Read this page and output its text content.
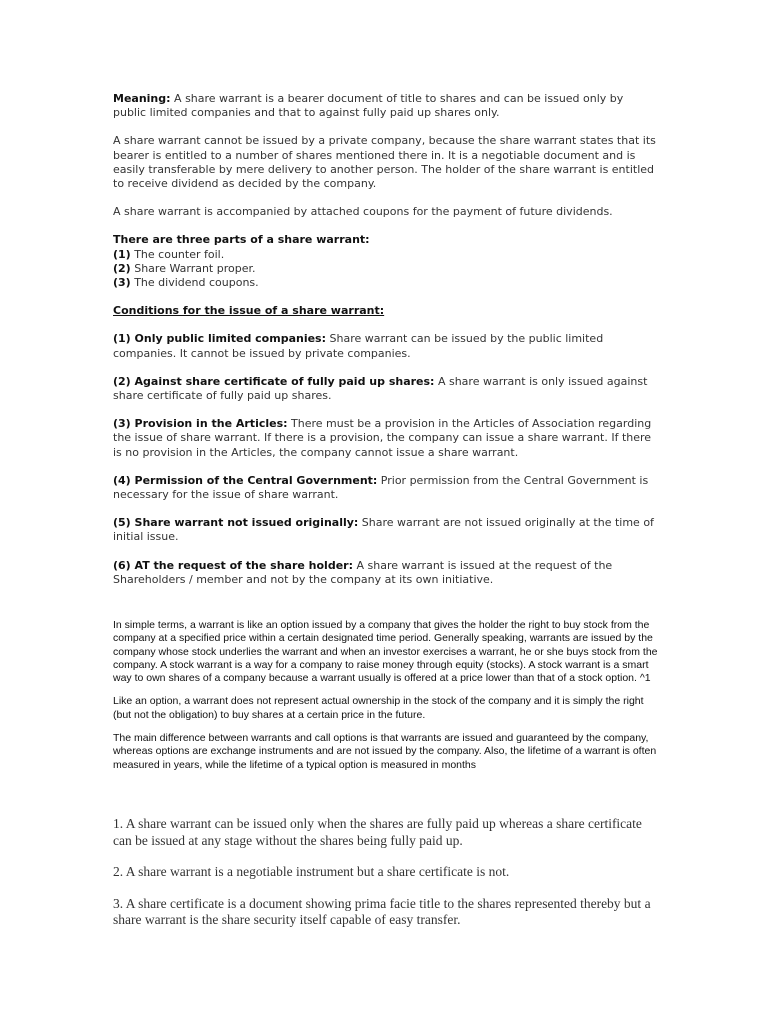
Meaning: A share warrant is a bearer document of title to shares and can be issued only by public limited companies and that to against fully paid up shares only.

A share warrant cannot be issued by a private company, because the share warrant states that its bearer is entitled to a number of shares mentioned there in. It is a negotiable document and is easily transferable by mere delivery to another person. The holder of the share warrant is entitled to receive dividend as decided by the company.

A share warrant is accompanied by attached coupons for the payment of future dividends.

There are three parts of a share warrant:
(1) The counter foil.
(2) Share Warrant proper.
(3) The dividend coupons.

Conditions for the issue of a share warrant:

(1) Only public limited companies: Share warrant can be issued by the public limited companies. It cannot be issued by private companies.

(2) Against share certificate of fully paid up shares: A share warrant is only issued against share certificate of fully paid up shares.

(3) Provision in the Articles: There must be a provision in the Articles of Association regarding the issue of share warrant. If there is a provision, the company can issue a share warrant. If there is no provision in the Articles, the company cannot issue a share warrant.

(4) Permission of the Central Government: Prior permission from the Central Government is necessary for the issue of share warrant.

(5) Share warrant not issued originally: Share warrant are not issued originally at the time of initial issue.

(6) AT the request of the share holder: A share warrant is issued at the request of the Shareholders / member and not by the company at its own initiative.

In simple terms, a warrant is like an option issued by a company that gives the holder the right to buy stock from the company at a specified price within a certain designated time period. Generally speaking, warrants are issued by the company whose stock underlies the warrant and when an investor exercises a warrant, he or she buys stock from the company. A stock warrant is a way for a company to raise money through equity (stocks). A stock warrant is a smart way to own shares of a company because a warrant usually is offered at a price lower than that of a stock option. ^1

Like an option, a warrant does not represent actual ownership in the stock of the company and it is simply the right (but not the obligation) to buy shares at a certain price in the future.

The main difference between warrants and call options is that warrants are issued and guaranteed by the company, whereas options are exchange instruments and are not issued by the company. Also, the lifetime of a warrant is often measured in years, while the lifetime of a typical option is measured in months

1. A share warrant can be issued only when the shares are fully paid up whereas a share certificate can be issued at any stage without the shares being fully paid up.

2. A share warrant is a negotiable instrument but a share certificate is not.

3. A share certificate is a document showing prima facie title to the shares represented thereby but a share warrant is the share security itself capable of easy transfer.
